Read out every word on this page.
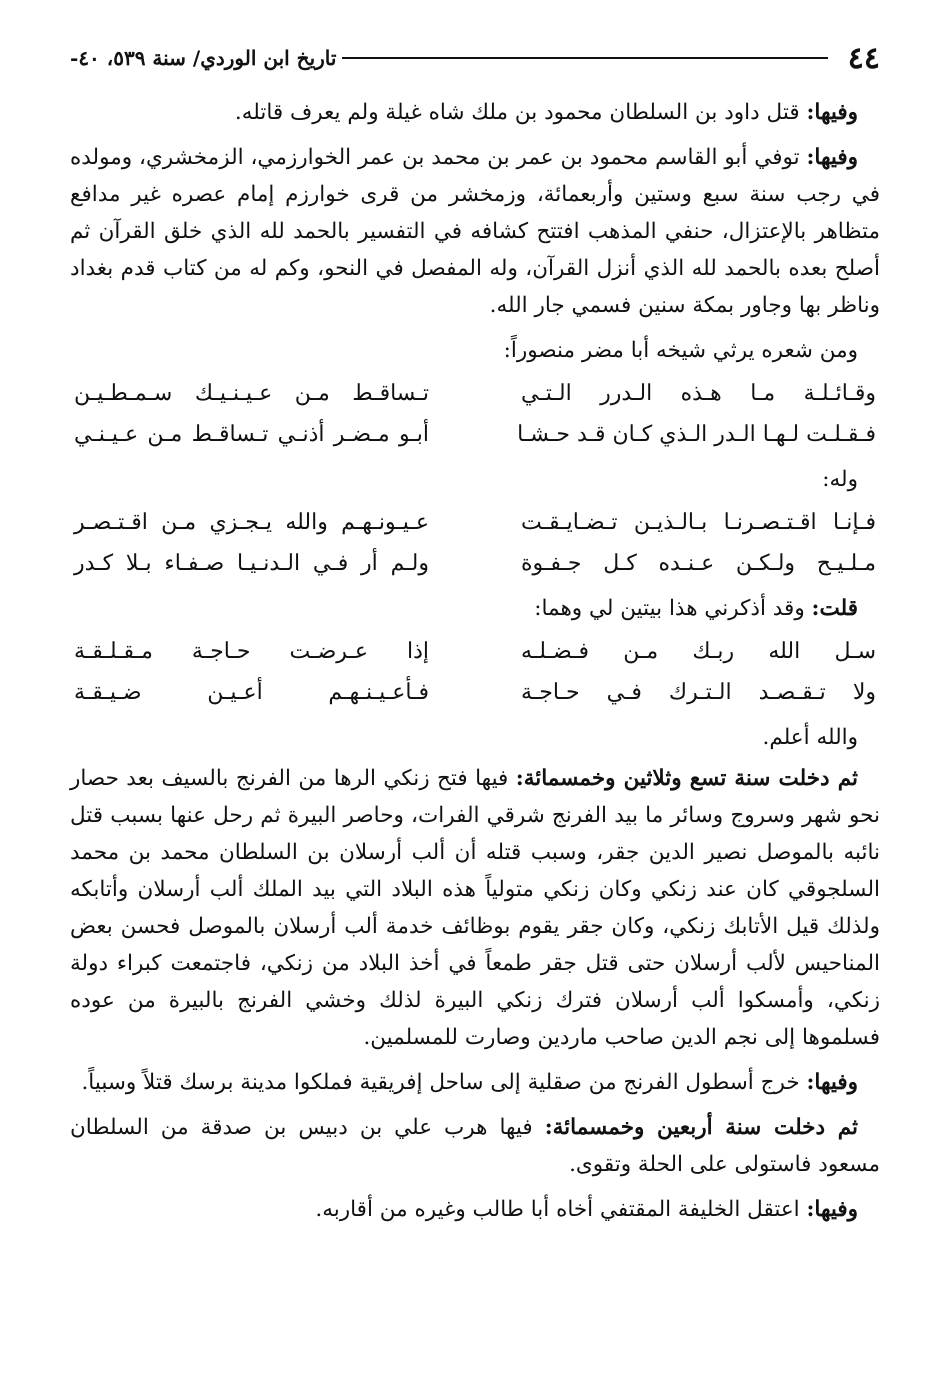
٤٤
تاريخ ابن الوردي/ سنة ٥٣٩، ٤٠-

وفيها: قتل داود بن السلطان محمود بن ملك شاه غيلة ولم يعرف قاتله.

وفيها: توفي أبو القاسم محمود بن عمر بن محمد بن عمر الخوارزمي، الزمخشري، ومولده في رجب سنة سبع وستين وأربعمائة، وزمخشر من قرى خوارزم إمام عصره غير مدافع متظاهر بالإعتزال، حنفي المذهب افتتح كشافه في التفسير بالحمد لله الذي خلق القرآن ثم أصلح بعده بالحمد لله الذي أنزل القرآن، وله المفصل في النحو، وكم له من كتاب قدم بغداد وناظر بها وجاور بمكة سنين فسمي جار الله.

ومن شعره يرثي شيخه أبا مضر منصوراً:
وقـائـلـة مـا هـذه الـدرر الـتـي
تـساقـط مـن عـيـنـيـك سـمـطـيـن
فـقـلـت لـهـا الـدر الـذي كـان قـد حـشـا
أبـو مـضـر أذنـي تـساقـط مـن عـيـنـي
وله:
فـإنـا اقـتـصـرنـا بـالـذيـن تـضـايـقـت
عـيـونـهـم والله يـجـزي مـن اقـتـصـر
مـلـيـح ولـكـن عـنـده كـل جـفـوة
ولـم أر فـي الـدنـيـا صـفـاء بـلا كـدر
قلت: وقد أذكرني هذا بيتين لي وهما:
سـل الله ربـك مـن فـضـلـه
إذا عـرضـت حـاجـة مـقـلـقـة
ولا تـقـصـد الـتـرك فـي حـاجـة
فـأعـيـنـهـم أعـيـن ضـيـقـة
والله أعلم.

ثم دخلت سنة تسع وثلاثين وخمسمائة: فيها فتح زنكي الرها من الفرنج بالسيف بعد حصار نحو شهر وسروج وسائر ما بيد الفرنج شرقي الفرات، وحاصر البيرة ثم رحل عنها بسبب قتل نائبه بالموصل نصير الدين جقر، وسبب قتله أن ألب أرسلان بن السلطان محمد بن محمد السلجوقي كان عند زنكي وكان زنكي متولياً هذه البلاد التي بيد الملك ألب أرسلان وأتابكه ولذلك قيل الأتابك زنكي، وكان جقر يقوم بوظائف خدمة ألب أرسلان بالموصل فحسن بعض المناحيس لألب أرسلان حتى قتل جقر طمعاً في أخذ البلاد من زنكي، فاجتمعت كبراء دولة زنكي، وأمسكوا ألب أرسلان فترك زنكي البيرة لذلك وخشي الفرنج بالبيرة من عوده فسلموها إلى نجم الدين صاحب ماردين وصارت للمسلمين.

وفيها: خرج أسطول الفرنج من صقلية إلى ساحل إفريقية فملكوا مدينة برسك قتلاً وسبياً.

ثم دخلت سنة أربعين وخمسمائة: فيها هرب علي بن دبيس بن صدقة من السلطان مسعود فاستولى على الحلة وتقوى.

وفيها: اعتقل الخليفة المقتفي أخاه أبا طالب وغيره من أقاربه.
